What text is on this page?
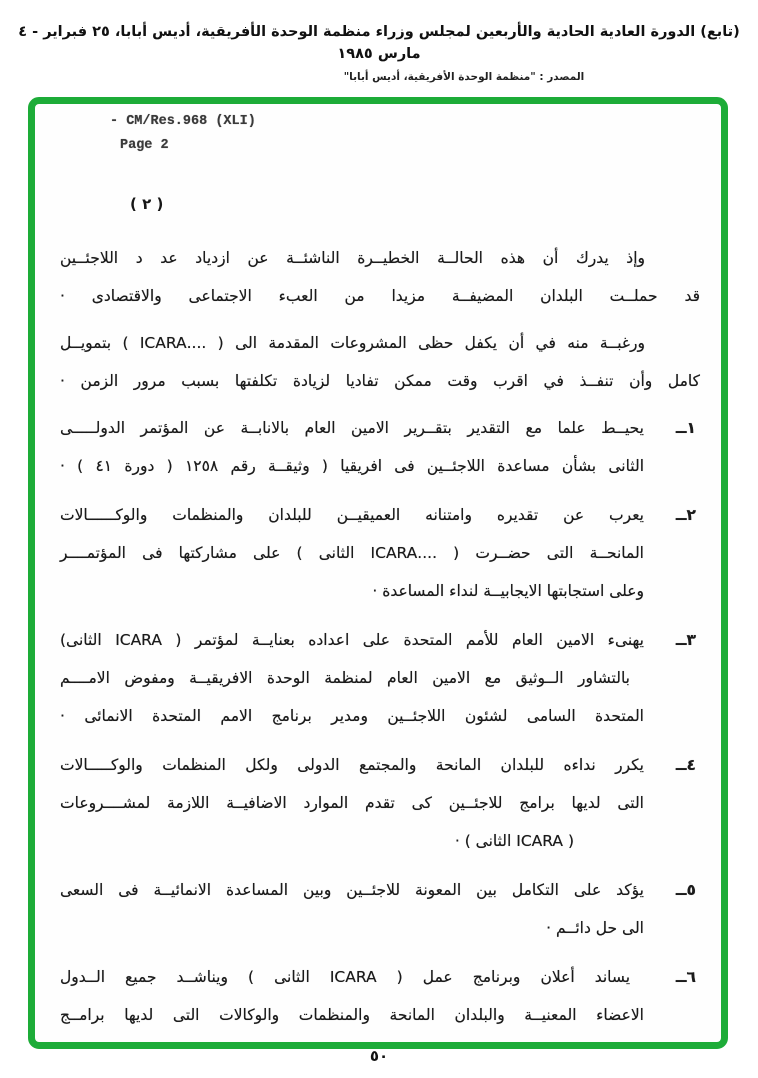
(تابع) الدورة العادية الحادية والأربعين لمجلس وزراء منظمة الوحدة الأفريقية، أديس أبابا، ٢٥ فبراير - ٤ مارس ١٩٨٥
المصدر : "منظمة الوحدة الأفريقية، أديس أبابا"
- CM/Res.968 (XLI)
Page 2
( ٢ )
وإذ يدرك أن هذه الحالــة الخطيــرة الناشئــة عن ازدياد عد د اللاجئــين
قد حملــت البلدان المضيفــة مزيدا من العبء الاجتماعى والاقتصادى ·
ورغبــة منه في أن يكفل حظى المشروعات المقدمة الى ( ....ICARA ) بتمويــل
كامل وأن تنفــذ في اقرب وقت ممكن تفاديا لزيادة تكلفتها بسبب مرور الزمن ·
١ــ
يحيــط علما مع التقدير بتقــرير الامين العام بالانابــة عن المؤتمر الدولـــــى
الثانى بشأن مساعدة اللاجئــين فى افريقيا ( وثيقــة رقم ١٢٥٨ ( دورة ٤١ ) ·
٢ــ
يعرب عن تقديره وامتنانه العميقيــن للبلدان والمنظمات والوكــــــالات
المانحــة التى حضــرت ( ....ICARA الثانى ) على مشاركتها فى المؤتمــــر
وعلى استجابتها الايجابيــة لنداء المساعدة ·
٣ــ
يهنىء الامين العام للأمم المتحدة على اعداده بعنايــة لمؤتمر ( ICARA الثانى)
بالتشاور الــوثيق مع الامين العام لمنظمة الوحدة الافريقيــة ومفوض الامــــم
المتحدة السامى لشئون اللاجئــين ومدير برنامج الامم المتحدة الانمائى ·
٤ــ
يكرر نداءه للبلدان المانحة والمجتمع الدولى ولكل المنظمات والوكـــــالات
التى لديها برامج للاجئــين كى تقدم الموارد الاضافيــة اللازمة لمشــــروعات
( ICARA الثانى ) ·
٥ــ
يؤكد على التكامل بين المعونة للاجئــين وبين المساعدة الانمائيــة فى السعى
الى حل دائــم ·
٦ــ
يساند أعلان وبرنامج عمل ( ICARA الثانى ) ويناشــد جميع الــدول
الاعضاء المعنيــة والبلدان المانحة والمنظمات والوكالات التى لديها برامــج
٥٠
